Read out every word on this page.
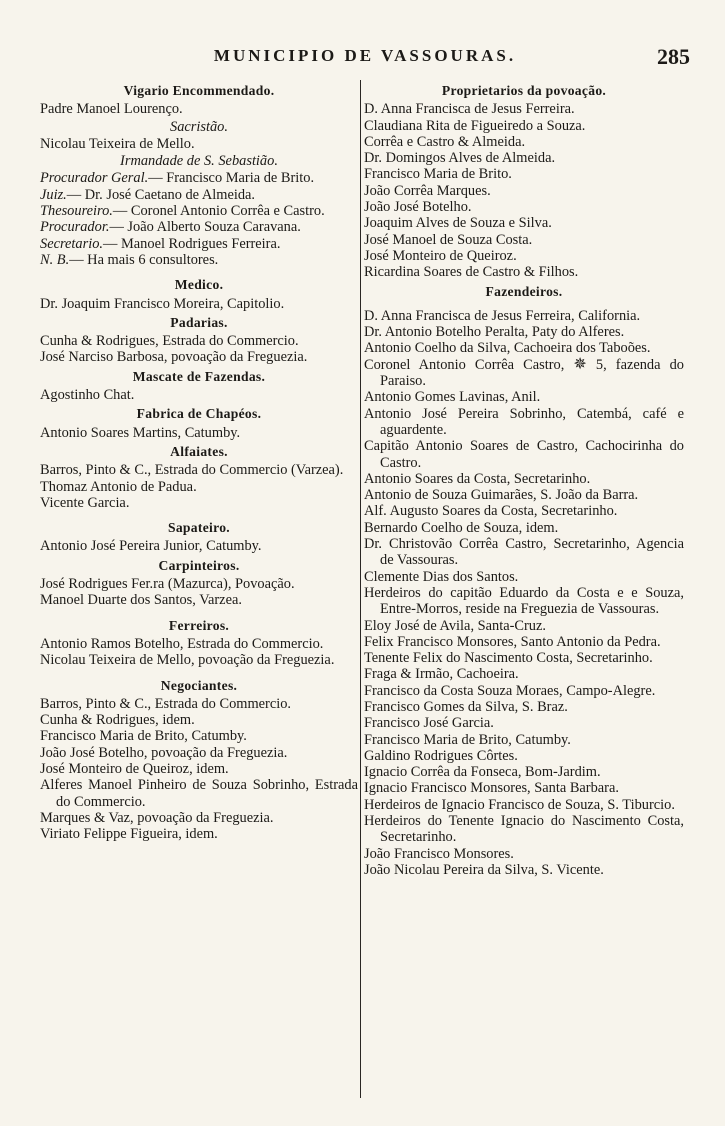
MUNICIPIO DE VASSOURAS.	285
Vigario Encommendado.
Padre Manoel Lourenço.
Sacristão.
Nicolau Teixeira de Mello.
Irmandade de S. Sebastião.
Procurador Geral.— Francisco Maria de Brito.
Juiz.— Dr. José Caetano de Almeida.
Thesoureiro.— Coronel Antonio Corrêa e Castro.
Procurador.— João Alberto Souza Caravana.
Secretario.— Manoel Rodrigues Ferreira.
N. B.— Ha mais 6 consultores.
Medico.
Dr. Joaquim Francisco Moreira, Capitolio.
Padarias.
Cunha & Rodrigues, Estrada do Commercio.
José Narciso Barbosa, povoação da Freguezia.
Mascate de Fazendas.
Agostinho Chat.
Fabrica de Chapéos.
Antonio Soares Martins, Catumby.
Alfaiates.
Barros, Pinto & C., Estrada do Commercio (Varzea).
Thomaz Antonio de Padua.
Vicente Garcia.
Sapateiro.
Antonio José Pereira Junior, Catumby.
Carpinteiros.
José Rodrigues Fer.ra (Mazurca), Povoação.
Manoel Duarte dos Santos, Varzea.
Ferreiros.
Antonio Ramos Botelho, Estrada do Commercio.
Nicolau Teixeira de Mello, povoação da Freguezia.
Negociantes.
Barros, Pinto & C., Estrada do Commercio.
Cunha & Rodrigues, idem.
Francisco Maria de Brito, Catumby.
João José Botelho, povoação da Freguezia.
José Monteiro de Queiroz, idem.
Alferes Manoel Pinheiro de Souza Sobrinho, Estrada do Commercio.
Marques & Vaz, povoação da Freguezia.
Viriato Felippe Figueira, idem.
Proprietarios da povoação.
D. Anna Francisca de Jesus Ferreira.
Claudiana Rita de Figueiredo a Souza.
Corrêa e Castro & Almeida.
Dr. Domingos Alves de Almeida.
Francisco Maria de Brito.
João Corrêa Marques.
João José Botelho.
Joaquim Alves de Souza e Silva.
José Manoel de Souza Costa.
José Monteiro de Queiroz.
Ricardina Soares de Castro & Filhos.
Fazendeiros.
D. Anna Francisca de Jesus Ferreira, California.
Dr. Antonio Botelho Peralta, Paty do Alferes.
Antonio Coelho da Silva, Cachoeira dos Taboões.
Coronel Antonio Corrêa Castro, ✵ 5, fazenda do Paraiso.
Antonio Gomes Lavinas, Anil.
Antonio José Pereira Sobrinho, Catembá, café e aguardente.
Capitão Antonio Soares de Castro, Cachocirinha do Castro.
Antonio Soares da Costa, Secretarinho.
Antonio de Souza Guimarães, S. João da Barra.
Alf. Augusto Soares da Costa, Secretarinho.
Bernardo Coelho de Souza, idem.
Dr. Christovão Corrêa Castro, Secretarinho, Agencia de Vassouras.
Clemente Dias dos Santos.
Herdeiros do capitão Eduardo da Costa e e Souza, Entre-Morros, reside na Freguezia de Vassouras.
Eloy José de Avila, Santa-Cruz.
Felix Francisco Monsores, Santo Antonio da Pedra.
Tenente Felix do Nascimento Costa, Secretarinho.
Fraga & Irmão, Cachoeira.
Francisco da Costa Souza Moraes, Campo-Alegre.
Francisco Gomes da Silva, S. Braz.
Francisco José Garcia.
Francisco Maria de Brito, Catumby.
Galdino Rodrigues Côrtes.
Ignacio Corrêa da Fonseca, Bom-Jardim.
Ignacio Francisco Monsores, Santa Barbara.
Herdeiros de Ignacio Francisco de Souza, S. Tiburcio.
Herdeiros do Tenente Ignacio do Nascimento Costa, Secretarinho.
João Francisco Monsores.
João Nicolau Pereira da Silva, S. Vicente.
